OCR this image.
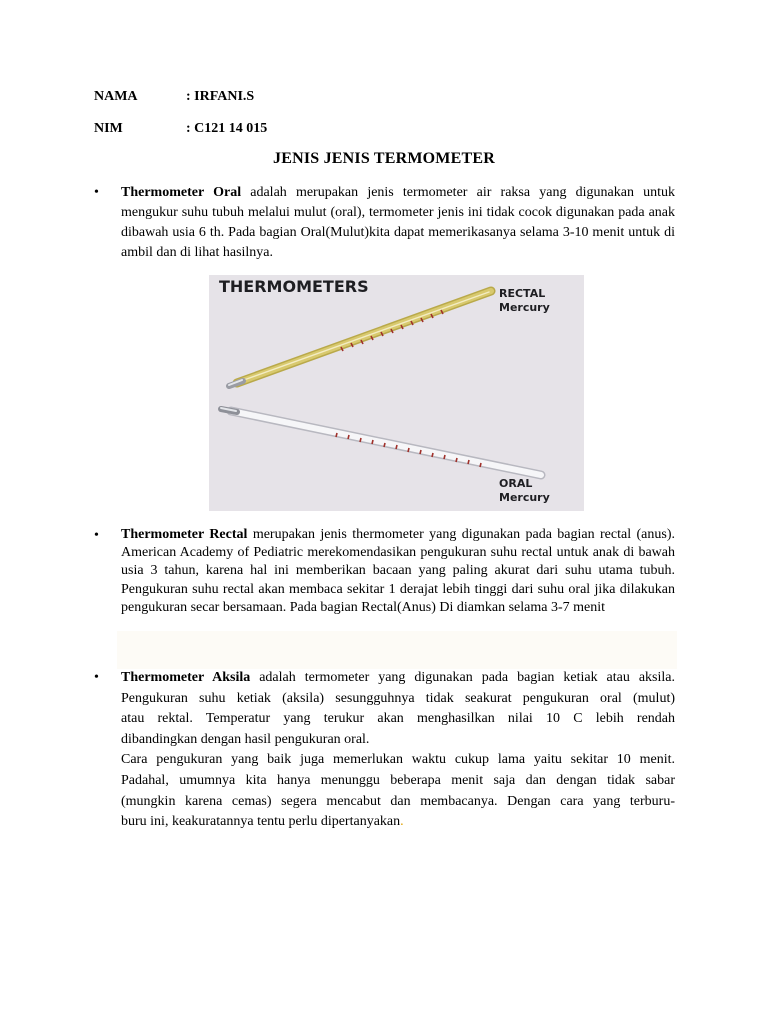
NAMA	: IRFANI.S
NIM	: C121 14 015
JENIS JENIS TERMOMETER
• Thermometer Oral adalah merupakan jenis termometer air raksa yang digunakan untuk mengukur suhu tubuh melalui mulut (oral), termometer jenis ini tidak cocok digunakan pada anak dibawah usia 6 th. Pada bagian Oral(Mulut)kita dapat memerikasanya selama 3-10 menit untuk di ambil dan di lihat hasilnya.
THERMOMETERS	RECTAL
Mercury
ORAL
Mercury
• Thermometer Rectal merupakan jenis thermometer yang digunakan pada bagian rectal (anus). American Academy of Pediatric merekomendasikan pengukuran suhu rectal untuk anak di bawah usia 3 tahun, karena hal ini memberikan bacaan yang paling akurat dari suhu utama tubuh. Pengukuran suhu rectal akan membaca sekitar 1 derajat lebih tinggi dari suhu oral jika dilakukan pengukuran secar bersamaan. Pada bagian Rectal(Anus) Di diamkan selama 3-7 menit
• Thermometer Aksila adalah termometer yang digunakan pada bagian ketiak atau aksila.
Pengukuran suhu ketiak (aksila) sesungguhnya tidak seakurat pengukuran oral (mulut)
atau rektal. Temperatur yang terukur akan menghasilkan nilai 10 C lebih rendah
dibandingkan dengan hasil pengukuran oral.
Cara pengukuran yang baik juga memerlukan waktu cukup lama yaitu sekitar 10 menit.
Padahal, umumnya kita hanya menunggu beberapa menit saja dan dengan tidak sabar
(mungkin karena cemas) segera mencabut dan membacanya. Dengan cara yang terburu-
buru ini, keakuratannya tentu perlu dipertanyakan.
